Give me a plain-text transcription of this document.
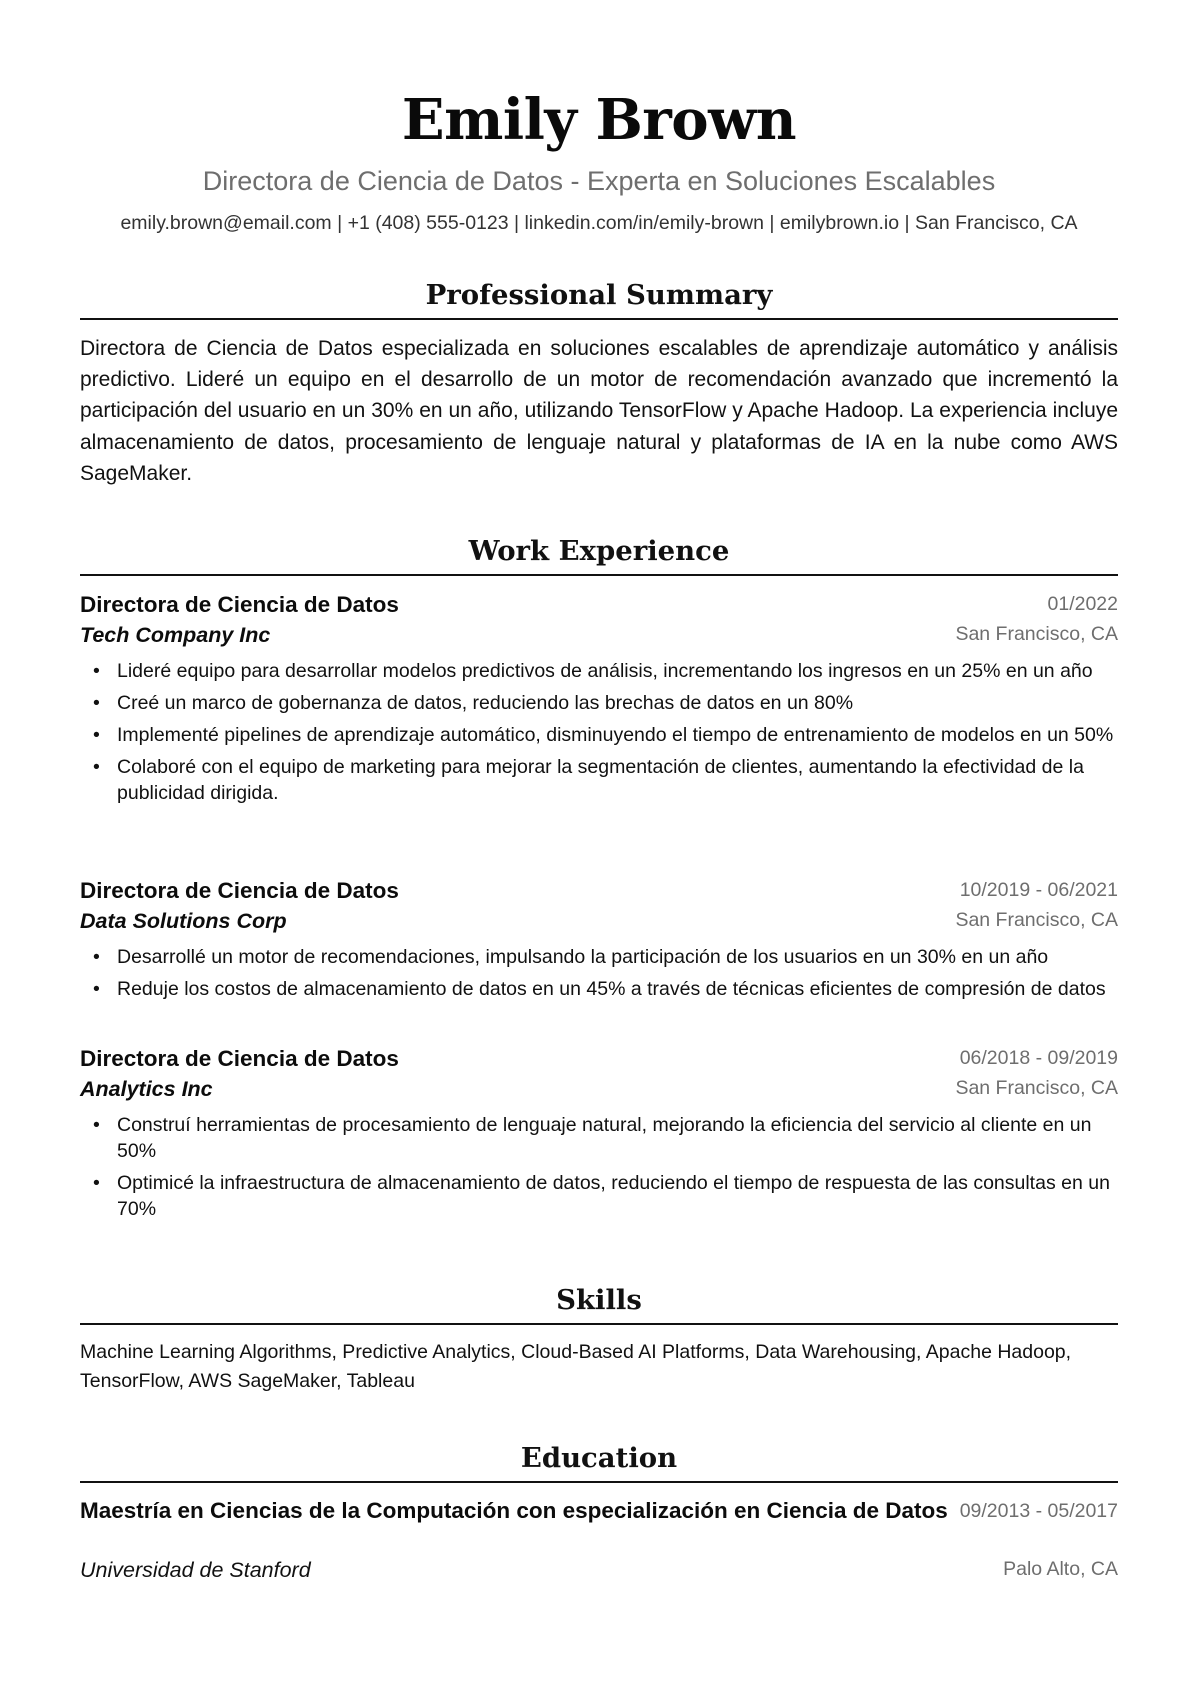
Emily Brown
Directora de Ciencia de Datos - Experta en Soluciones Escalables
emily.brown@email.com | +1 (408) 555-0123 | linkedin.com/in/emily-brown | emilybrown.io | San Francisco, CA
Professional Summary
Directora de Ciencia de Datos especializada en soluciones escalables de aprendizaje automático y análisis predictivo. Lideré un equipo en el desarrollo de un motor de recomendación avanzado que incrementó la participación del usuario en un 30% en un año, utilizando TensorFlow y Apache Hadoop. La experiencia incluye almacenamiento de datos, procesamiento de lenguaje natural y plataformas de IA en la nube como AWS SageMaker.
Work Experience
Directora de Ciencia de Datos	01/2022
Tech Company Inc	San Francisco, CA
• Lideré equipo para desarrollar modelos predictivos de análisis, incrementando los ingresos en un 25% en un año
• Creé un marco de gobernanza de datos, reduciendo las brechas de datos en un 80%
• Implementé pipelines de aprendizaje automático, disminuyendo el tiempo de entrenamiento de modelos en un 50%
• Colaboré con el equipo de marketing para mejorar la segmentación de clientes, aumentando la efectividad de la publicidad dirigida.
Directora de Ciencia de Datos	10/2019 - 06/2021
Data Solutions Corp	San Francisco, CA
• Desarrollé un motor de recomendaciones, impulsando la participación de los usuarios en un 30% en un año
• Reduje los costos de almacenamiento de datos en un 45% a través de técnicas eficientes de compresión de datos
Directora de Ciencia de Datos	06/2018 - 09/2019
Analytics Inc	San Francisco, CA
• Construí herramientas de procesamiento de lenguaje natural, mejorando la eficiencia del servicio al cliente en un 50%
• Optimicé la infraestructura de almacenamiento de datos, reduciendo el tiempo de respuesta de las consultas en un 70%
Skills
Machine Learning Algorithms, Predictive Analytics, Cloud-Based AI Platforms, Data Warehousing, Apache Hadoop, TensorFlow, AWS SageMaker, Tableau
Education
Maestría en Ciencias de la Computación con especialización en Ciencia de Datos 09/2013 - 05/2017
Universidad de Stanford	Palo Alto, CA
